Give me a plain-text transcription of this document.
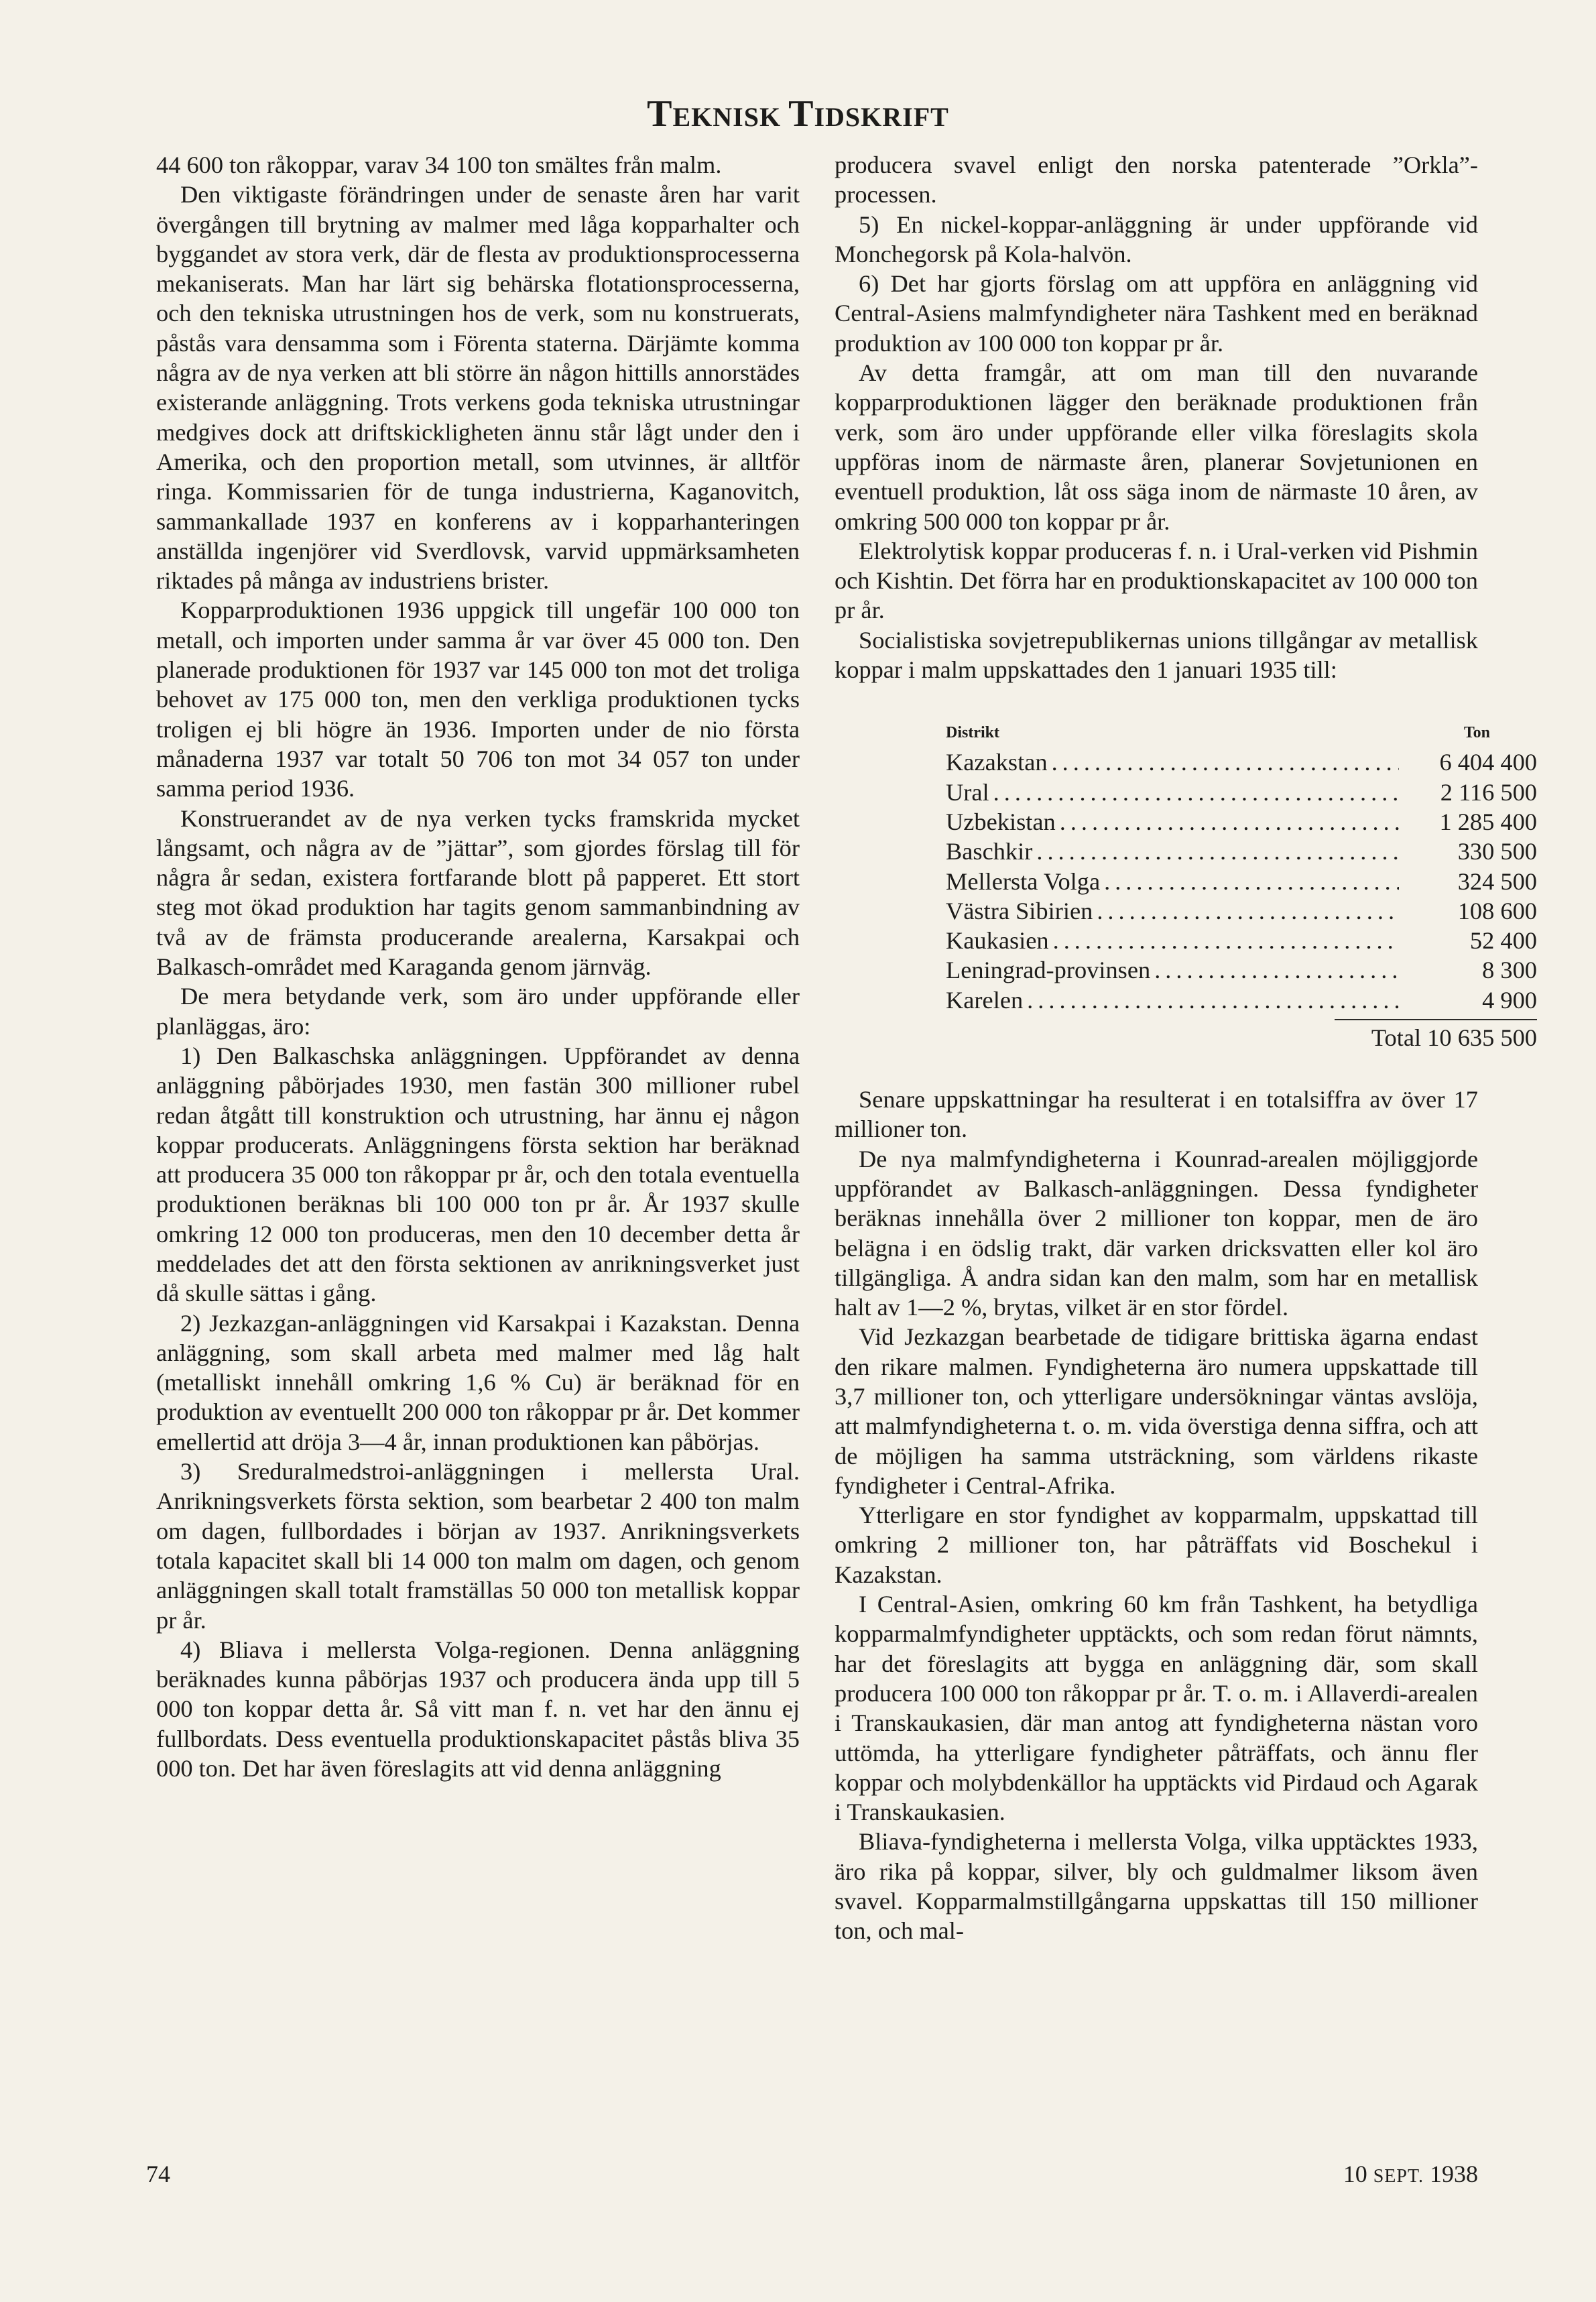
TEKNISK TIDSKRIFT

44 600 ton råkoppar, varav 34 100 ton smältes från malm.

Den viktigaste förändringen under de senaste åren har varit övergången till brytning av malmer med låga kopparhalter och byggandet av stora verk, där de flesta av produktionsprocesserna mekaniserats. Man har lärt sig behärska flotationsprocesserna, och den tekniska utrustningen hos de verk, som nu konstruerats, påstås vara densamma som i Förenta staterna. Därjämte komma några av de nya verken att bli större än någon hittills annorstädes existerande anläggning. Trots verkens goda tekniska utrustningar medgives dock att driftskickligheten ännu står lågt under den i Amerika, och den proportion metall, som utvinnes, är alltför ringa. Kommissarien för de tunga industrierna, Kaganovitch, sammankallade 1937 en konferens av i kopparhanteringen anställda ingenjörer vid Sverdlovsk, varvid uppmärksamheten riktades på många av industriens brister.

Kopparproduktionen 1936 uppgick till ungefär 100 000 ton metall, och importen under samma år var över 45 000 ton. Den planerade produktionen för 1937 var 145 000 ton mot det troliga behovet av 175 000 ton, men den verkliga produktionen tycks troligen ej bli högre än 1936. Importen under de nio första månaderna 1937 var totalt 50 706 ton mot 34 057 ton under samma period 1936.

Konstruerandet av de nya verken tycks framskrida mycket långsamt, och några av de ”jättar”, som gjordes förslag till för några år sedan, existera fortfarande blott på papperet. Ett stort steg mot ökad produktion har tagits genom sammanbindning av två av de främsta producerande arealerna, Karsakpai och Balkasch-området med Karaganda genom järnväg.

De mera betydande verk, som äro under uppförande eller planläggas, äro:

1) Den Balkaschska anläggningen. Uppförandet av denna anläggning påbörjades 1930, men fastän 300 millioner rubel redan åtgått till konstruktion och utrustning, har ännu ej någon koppar producerats. Anläggningens första sektion har beräknad att producera 35 000 ton råkoppar pr år, och den totala eventuella produktionen beräknas bli 100 000 ton pr år. År 1937 skulle omkring 12 000 ton produceras, men den 10 december detta år meddelades det att den första sektionen av anrikningsverket just då skulle sättas i gång.

2) Jezkazgan-anläggningen vid Karsakpai i Kazakstan. Denna anläggning, som skall arbeta med malmer med låg halt (metalliskt innehåll omkring 1,6 % Cu) är beräknad för en produktion av eventuellt 200 000 ton råkoppar pr år. Det kommer emellertid att dröja 3—4 år, innan produktionen kan påbörjas.

3) Sreduralmedstroi-anläggningen i mellersta Ural. Anrikningsverkets första sektion, som bearbetar 2 400 ton malm om dagen, fullbordades i början av 1937. Anrikningsverkets totala kapacitet skall bli 14 000 ton malm om dagen, och genom anläggningen skall totalt framställas 50 000 ton metallisk koppar pr år.

4) Bliava i mellersta Volga-regionen. Denna anläggning beräknades kunna påbörjas 1937 och producera ända upp till 5 000 ton koppar detta år. Så vitt man f. n. vet har den ännu ej fullbordats. Dess eventuella produktionskapacitet påstås bliva 35 000 ton. Det har även föreslagits att vid denna anläggning

producera svavel enligt den norska patenterade ”Orkla”-processen.

5) En nickel-koppar-anläggning är under uppförande vid Monchegorsk på Kola-halvön.

6) Det har gjorts förslag om att uppföra en anläggning vid Central-Asiens malmfyndigheter nära Tashkent med en beräknad produktion av 100 000 ton koppar pr år.

Av detta framgår, att om man till den nuvarande kopparproduktionen lägger den beräknade produktionen från verk, som äro under uppförande eller vilka föreslagits skola uppföras inom de närmaste åren, planerar Sovjetunionen en eventuell produktion, låt oss säga inom de närmaste 10 åren, av omkring 500 000 ton koppar pr år.

Elektrolytisk koppar produceras f. n. i Ural-verken vid Pishmin och Kishtin. Det förra har en produktionskapacitet av 100 000 ton pr år.

Socialistiska sovjetrepublikernas unions tillgångar av metallisk koppar i malm uppskattades den 1 januari 1935 till:

Distrikt	Ton
Kazakstan .....	6 404 400
Ural .....	2 116 500
Uzbekistan .....	1 285 400
Baschkir .....	330 500
Mellersta Volga .....	324 500
Västra Sibirien .....	108 600
Kaukasien .....	52 400
Leningrad-provinsen .....	8 300
Karelen .....	4 900
Total 10 635 500

Senare uppskattningar ha resulterat i en totalsiffra av över 17 millioner ton.

De nya malmfyndigheterna i Kounrad-arealen möjliggjorde uppförandet av Balkasch-anläggningen. Dessa fyndigheter beräknas innehålla över 2 millioner ton koppar, men de äro belägna i en ödslig trakt, där varken dricksvatten eller kol äro tillgängliga. Å andra sidan kan den malm, som har en metallisk halt av 1—2 %, brytas, vilket är en stor fördel.

Vid Jezkazgan bearbetade de tidigare brittiska ägarna endast den rikare malmen. Fyndigheterna äro numera uppskattade till 3,7 millioner ton, och ytterligare undersökningar väntas avslöja, att malmfyndigheterna t. o. m. vida överstiga denna siffra, och att de möjligen ha samma utsträckning, som världens rikaste fyndigheter i Central-Afrika.

Ytterligare en stor fyndighet av kopparmalm, uppskattad till omkring 2 millioner ton, har påträffats vid Boschekul i Kazakstan.

I Central-Asien, omkring 60 km från Tashkent, ha betydliga kopparmalmfyndigheter upptäckts, och som redan förut nämnts, har det föreslagits att bygga en anläggning där, som skall producera 100 000 ton råkoppar pr år. T. o. m. i Allaverdi-arealen i Transkaukasien, där man antog att fyndigheterna nästan voro uttömda, ha ytterligare fyndigheter påträffats, och ännu fler koppar och molybdenkällor ha upptäckts vid Pirdaud och Agarak i Transkaukasien.

Bliava-fyndigheterna i mellersta Volga, vilka upptäcktes 1933, äro rika på koppar, silver, bly och guldmalmer liksom även svavel. Kopparmalmstillgångarna uppskattas till 150 millioner ton, och mal-

74	10 SEPT. 1938
